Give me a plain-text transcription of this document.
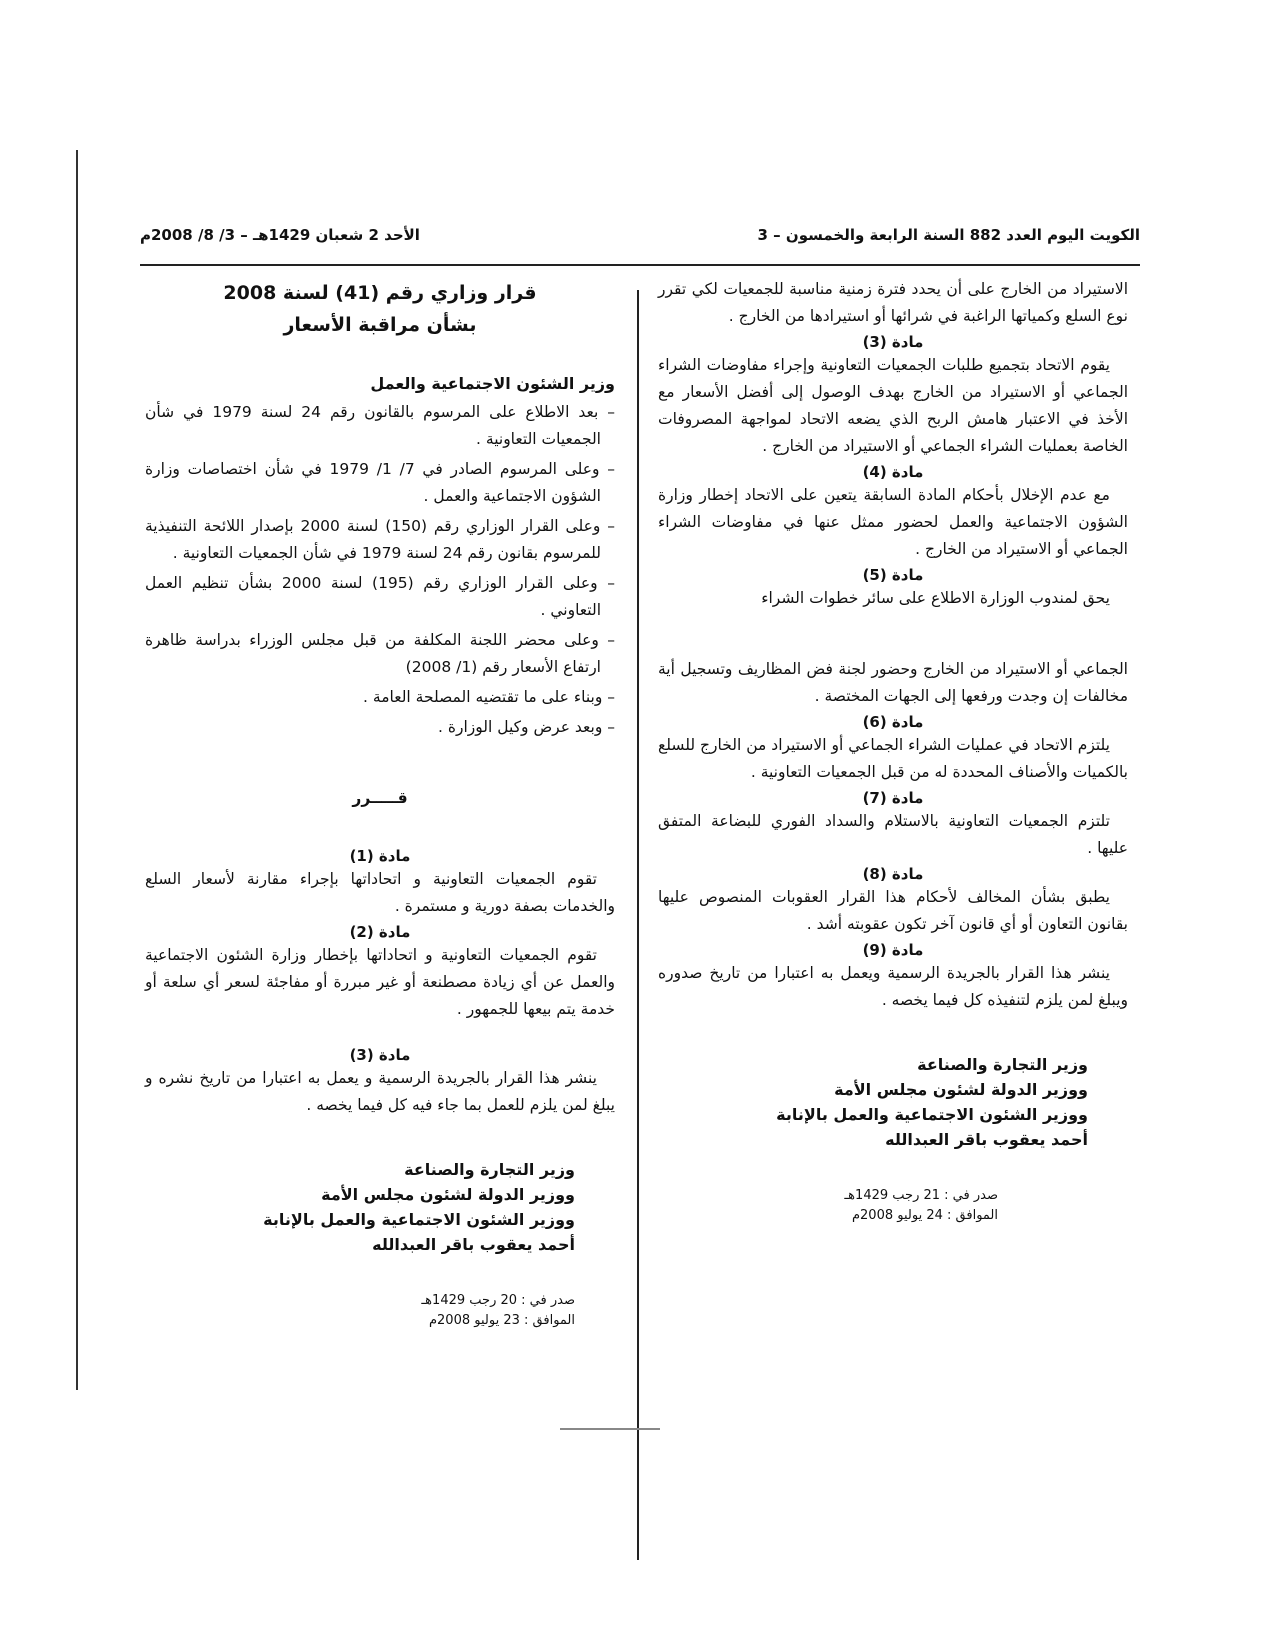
الكويت اليوم العدد 882 السنة الرابعة والخمسون – 3
الأحد 2 شعبان 1429هـ – 3/ 8/ 2008م

الاستيراد من الخارج على أن يحدد فترة زمنية مناسبة للجمعيات لكي تقرر نوع السلع وكمياتها الراغبة في شرائها أو استيرادها من الخارج .

مادة (3)

يقوم الاتحاد بتجميع طلبات الجمعيات التعاونية وإجراء مفاوضات الشراء الجماعي أو الاستيراد من الخارج بهدف الوصول إلى أفضل الأسعار مع الأخذ في الاعتبار هامش الربح الذي يضعه الاتحاد لمواجهة المصروفات الخاصة بعمليات الشراء الجماعي أو الاستيراد من الخارج .

مادة (4)

مع عدم الإخلال بأحكام المادة السابقة يتعين على الاتحاد إخطار وزارة الشؤون الاجتماعية والعمل لحضور ممثل عنها في مفاوضات الشراء الجماعي أو الاستيراد من الخارج .

مادة (5)

يحق لمندوب الوزارة الاطلاع على سائر خطوات الشراء

الجماعي أو الاستيراد من الخارج وحضور لجنة فض المظاريف وتسجيل أية مخالفات إن وجدت ورفعها إلى الجهات المختصة .

مادة (6)

يلتزم الاتحاد في عمليات الشراء الجماعي أو الاستيراد من الخارج للسلع بالكميات والأصناف المحددة له من قبل الجمعيات التعاونية .

مادة (7)

تلتزم الجمعيات التعاونية بالاستلام والسداد الفوري للبضاعة المتفق عليها .

مادة (8)

يطبق بشأن المخالف لأحكام هذا القرار العقوبات المنصوص عليها بقانون التعاون أو أي قانون آخر تكون عقوبته أشد .

مادة (9)

ينشر هذا القرار بالجريدة الرسمية ويعمل به اعتبارا من تاريخ صدوره ويبلغ لمن يلزم لتنفيذه كل فيما يخصه .

وزير التجارة والصناعة
ووزير الدولة لشئون مجلس الأمة
ووزير الشئون الاجتماعية والعمل بالإنابة
أحمد يعقوب باقر العبدالله
صدر في : 21 رجب 1429هـ
الموافق : 24 يوليو 2008م
قرار وزاري رقم (41) لسنة 2008
بشأن مراقبة الأسعار
وزير الشئون الاجتماعية والعمل

– بعد الاطلاع على المرسوم بالقانون رقم 24 لسنة 1979 في شأن الجمعيات التعاونية .

– وعلى المرسوم الصادر في 7/ 1/ 1979 في شأن اختصاصات وزارة الشؤون الاجتماعية والعمل .

– وعلى القرار الوزاري رقم (150) لسنة 2000 بإصدار اللائحة التنفيذية للمرسوم بقانون رقم 24 لسنة 1979 في شأن الجمعيات التعاونية .

– وعلى القرار الوزاري رقم (195) لسنة 2000 بشأن تنظيم العمل التعاوني .

– وعلى محضر اللجنة المكلفة من قبل مجلس الوزراء بدراسة ظاهرة ارتفاع الأسعار رقم (1/ 2008)

– وبناء على ما تقتضيه المصلحة العامة .

– وبعد عرض وكيل الوزارة .

قـــــرر

مادة (1)

تقوم الجمعيات التعاونية و اتحاداتها بإجراء مقارنة لأسعار السلع والخدمات بصفة دورية و مستمرة .

مادة (2)

تقوم الجمعيات التعاونية و اتحاداتها بإخطار وزارة الشئون الاجتماعية والعمل عن أي زيادة مصطنعة أو غير مبررة أو مفاجئة لسعر أي سلعة أو خدمة يتم بيعها للجمهور .

مادة (3)

ينشر هذا القرار بالجريدة الرسمية و يعمل به اعتبارا من تاريخ نشره و يبلغ لمن يلزم للعمل بما جاء فيه كل فيما يخصه .

وزير التجارة والصناعة
ووزير الدولة لشئون مجلس الأمة
ووزير الشئون الاجتماعية والعمل بالإنابة
أحمد يعقوب باقر العبدالله
صدر في : 20 رجب 1429هـ
الموافق : 23 يوليو 2008م
